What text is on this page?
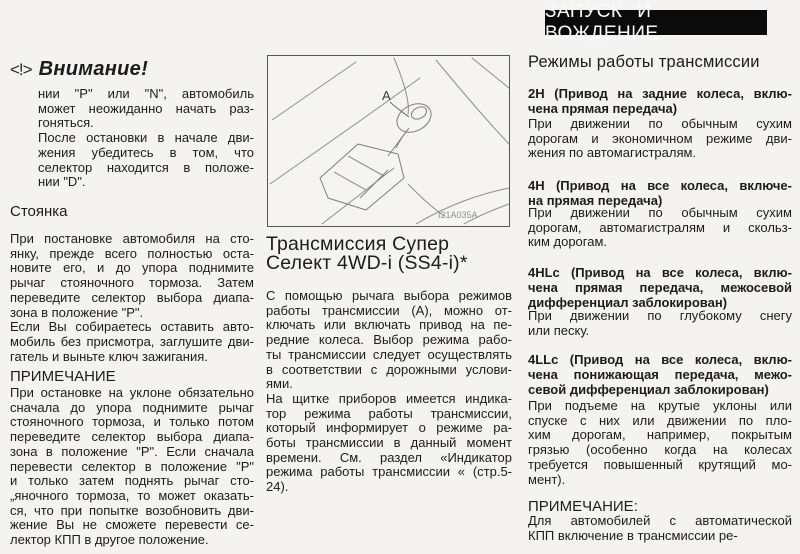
ЗАПУСК И ВОЖДЕНИЕ
<!> Внимание!
нии "P" или "N", автомобиль
может неожиданно начать раз-
гоняться.
После остановки в начале дви-
жения убедитесь в том, что
селектор находится в положе-
нии "D".
Стоянка
При постановке автомобиля на сто-
янку, прежде всего полностью оста-
новите его, и до упора поднимите
рычаг стояночного тормоза. Затем
переведите селектор выбора диапа-
зона в положение "P".
Если Вы собираетесь оставить авто-
мобиль без присмотра, заглушите дви-
гатель и выньте ключ зажигания.
ПРИМЕЧАНИЕ
При остановке на уклоне обязательно
сначала до упора поднимите рычаг
стояночного тормоза, и только потом
переведите селектор выбора диапа-
зона в положение "P". Если сначала
перевести селектор в положение "P"
и только затем поднять рычаг сто-
„яночного тормоза, то может оказать-
ся, что при попытке возобновить дви-
жение Вы не сможете перевести се-
лектор КПП в другое положение.
A
I31A035A
Трансмиссия Супер
Селект 4WD-i (SS4-i)*
С помощью рычага выбора режимов
работы трансмиссии (А), можно от-
ключать или включать привод на пе-
редние колеса. Выбор режима рабо-
ты трансмиссии следует осуществлять
в соответствии с дорожными услови-
ями.
На щитке приборов имеется индика-
тор режима работы трансмиссии,
который информирует о режиме ра-
боты трансмиссии в данный момент
времени. См. раздел «Индикатор
режима работы трансмиссии « (стр.5-
24).
Режимы работы трансмиссии
2H (Привод на задние колеса, вклю-
чена прямая передача)
При движении по обычным сухим
дорогам и экономичном режиме дви-
жения по автомагистралям.
4H (Привод на все колеса, включе-
на прямая передача)
При движении по обычным сухим
дорогам, автомагистралям и скольз-
ким дорогам.
4HLc (Привод на все колеса, вклю-
чена прямая передача, межосевой
дифференциал заблокирован)
При движении по глубокому снегу
или песку.
4LLc (Привод на все колеса, вклю-
чена понижающая передача, межо-
севой дифференциал заблокирован)
При подъеме на крутые уклоны или
спуске с них или движении по пло-
хим дорогам, например, покрытым
грязью (особенно когда на колесах
требуется повышенный крутящий мо-
мент).
ПРИМЕЧАНИЕ:
Для автомобилей с автоматической
КПП включение в трансмиссии ре-
